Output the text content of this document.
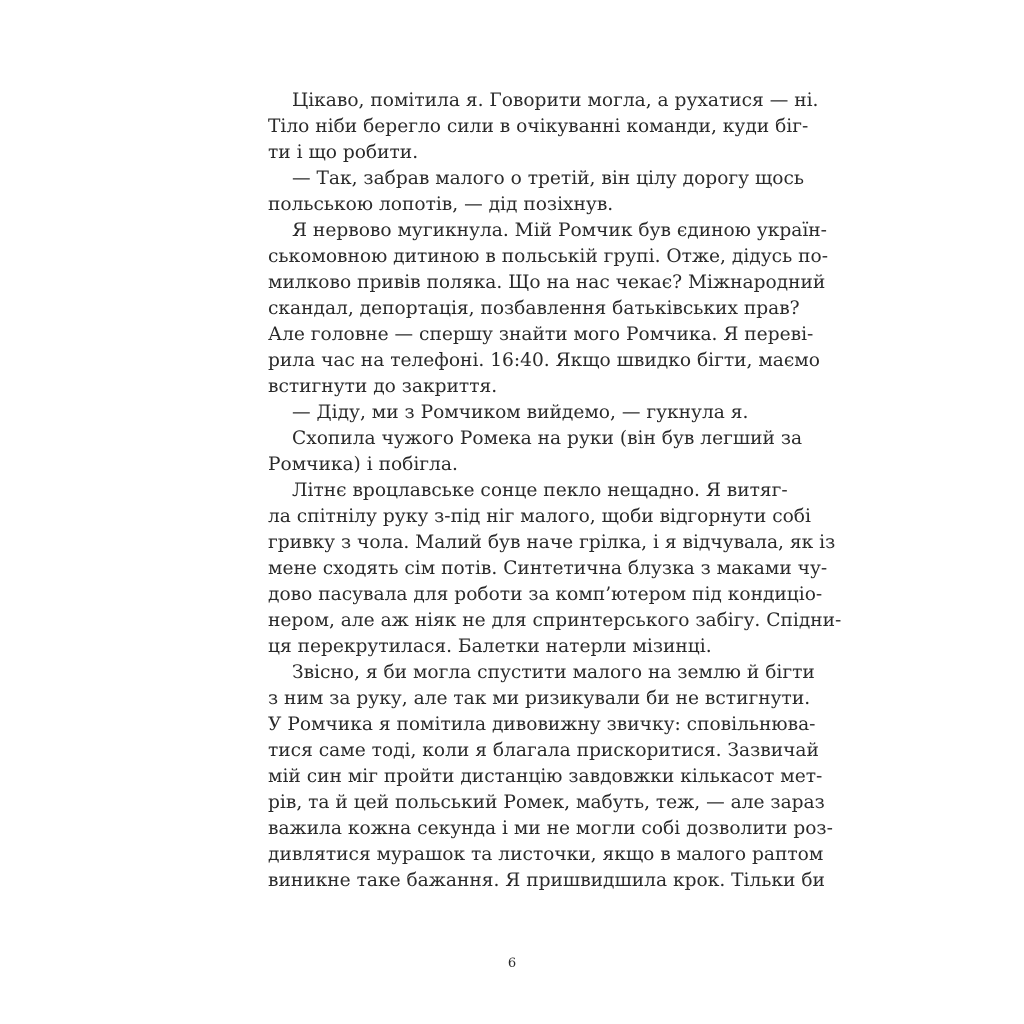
Цікаво, помітила я. Говорити могла, а рухатися — ні.
Тіло ніби берегло сили в очікуванні команди, куди біг-
ти і що робити.
— Так, забрав малого о третій, він цілу дорогу щось
польською лопотів, — дід позіхнув.
Я нервово мугикнула. Мій Ромчик був єдиною україн-
ськомовною дитиною в польській групі. Отже, дідусь по-
милково привів поляка. Що на нас чекає? Міжнародний
скандал, депортація, позбавлення батьківських прав?
Але головне — спершу знайти мого Ромчика. Я переві-
рила час на телефоні. 16:40. Якщо швидко бігти, маємо
встигнути до закриття.
— Діду, ми з Ромчиком вийдемо, — гукнула я.
Схопила чужого Ромека на руки (він був легший за
Ромчика) і побігла.
Літнє вроцлавське сонце пекло нещадно. Я витяг-
ла спітнілу руку з-під ніг малого, щоби відгорнути собі
гривку з чола. Малий був наче грілка, і я відчувала, як із
мене сходять сім потів. Синтетична блузка з маками чу-
дово пасувала для роботи за комп’ютером під кондиціо-
нером, але аж ніяк не для спринтерського забігу. Спідни-
ця перекрутилася. Балетки натерли мізинці.
Звісно, я би могла спустити малого на землю й бігти
з ним за руку, але так ми ризикували би не встигнути.
У Ромчика я помітила дивовижну звичку: сповільнюва-
тися саме тоді, коли я благала прискоритися. Зазвичай
мій син міг пройти дистанцію завдовжки кількасот мет-
рів, та й цей польський Ромек, мабуть, теж, — але зараз
важила кожна секунда і ми не могли собі дозволити роз-
дивлятися мурашок та листочки, якщо в малого раптом
виникне таке бажання. Я пришвидшила крок. Тільки би
6
